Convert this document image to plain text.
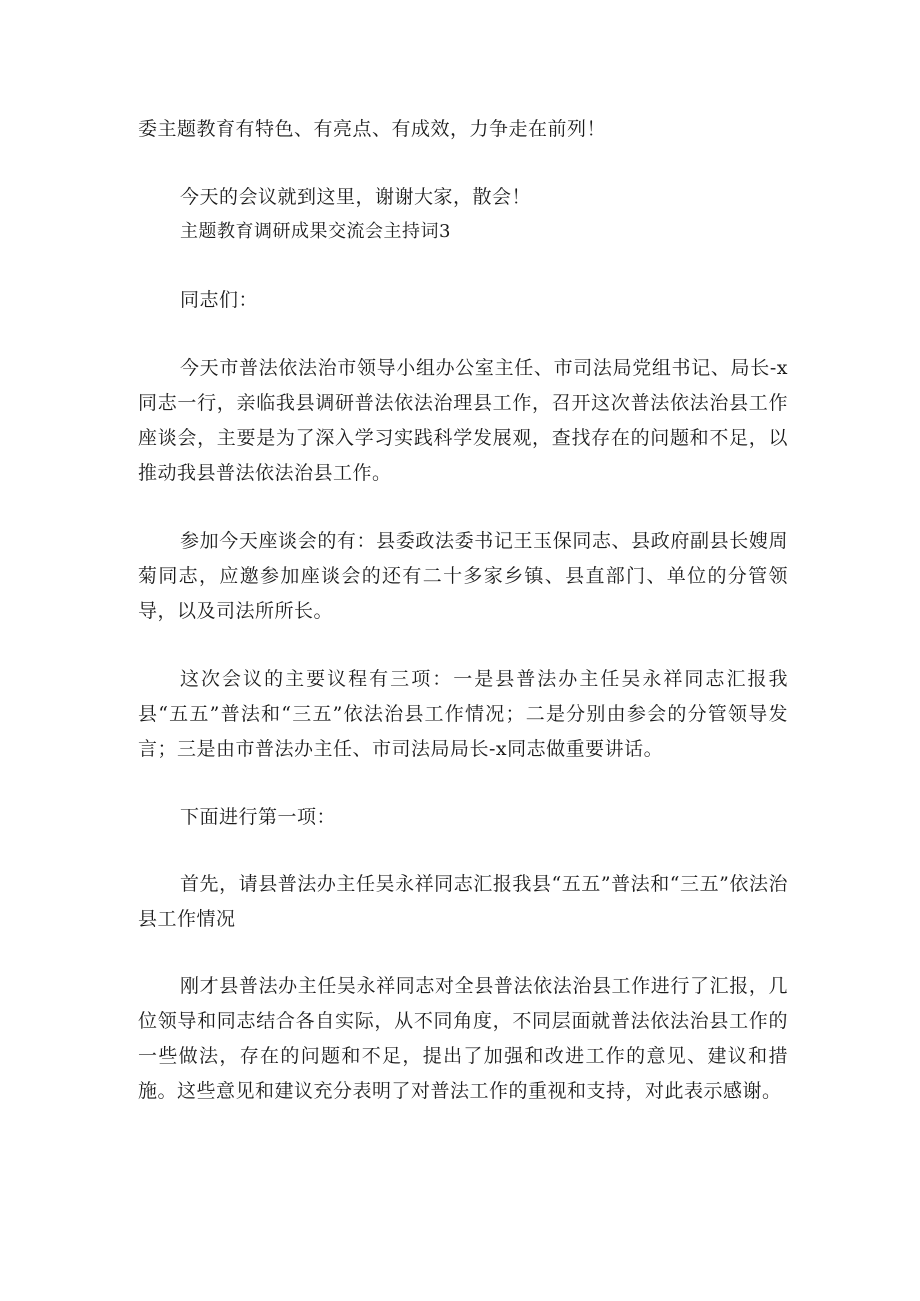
委主题教育有特色、有亮点、有成效，力争走在前列！
今天的会议就到这里，谢谢大家，散会！
主题教育调研成果交流会主持词3
同志们：
今天市普法依法治市领导小组办公室主任、市司法局党组书记、局长-x同志一行，亲临我县调研普法依法治理县工作，召开这次普法依法治县工作座谈会，主要是为了深入学习实践科学发展观，查找存在的问题和不足，以推动我县普法依法治县工作。
参加今天座谈会的有：县委政法委书记王玉保同志、县政府副县长嫂周菊同志，应邀参加座谈会的还有二十多家乡镇、县直部门、单位的分管领导，以及司法所所长。
这次会议的主要议程有三项：一是县普法办主任吴永祥同志汇报我县“五五”普法和“三五”依法治县工作情况；二是分别由参会的分管领导发言；三是由市普法办主任、市司法局局长-x同志做重要讲话。
下面进行第一项：
首先，请县普法办主任吴永祥同志汇报我县“五五”普法和“三五”依法治县工作情况
刚才县普法办主任吴永祥同志对全县普法依法治县工作进行了汇报，几位领导和同志结合各自实际，从不同角度，不同层面就普法依法治县工作的一些做法，存在的问题和不足，提出了加强和改进工作的意见、建议和措施。这些意见和建议充分表明了对普法工作的重视和支持，对此表示感谢。
